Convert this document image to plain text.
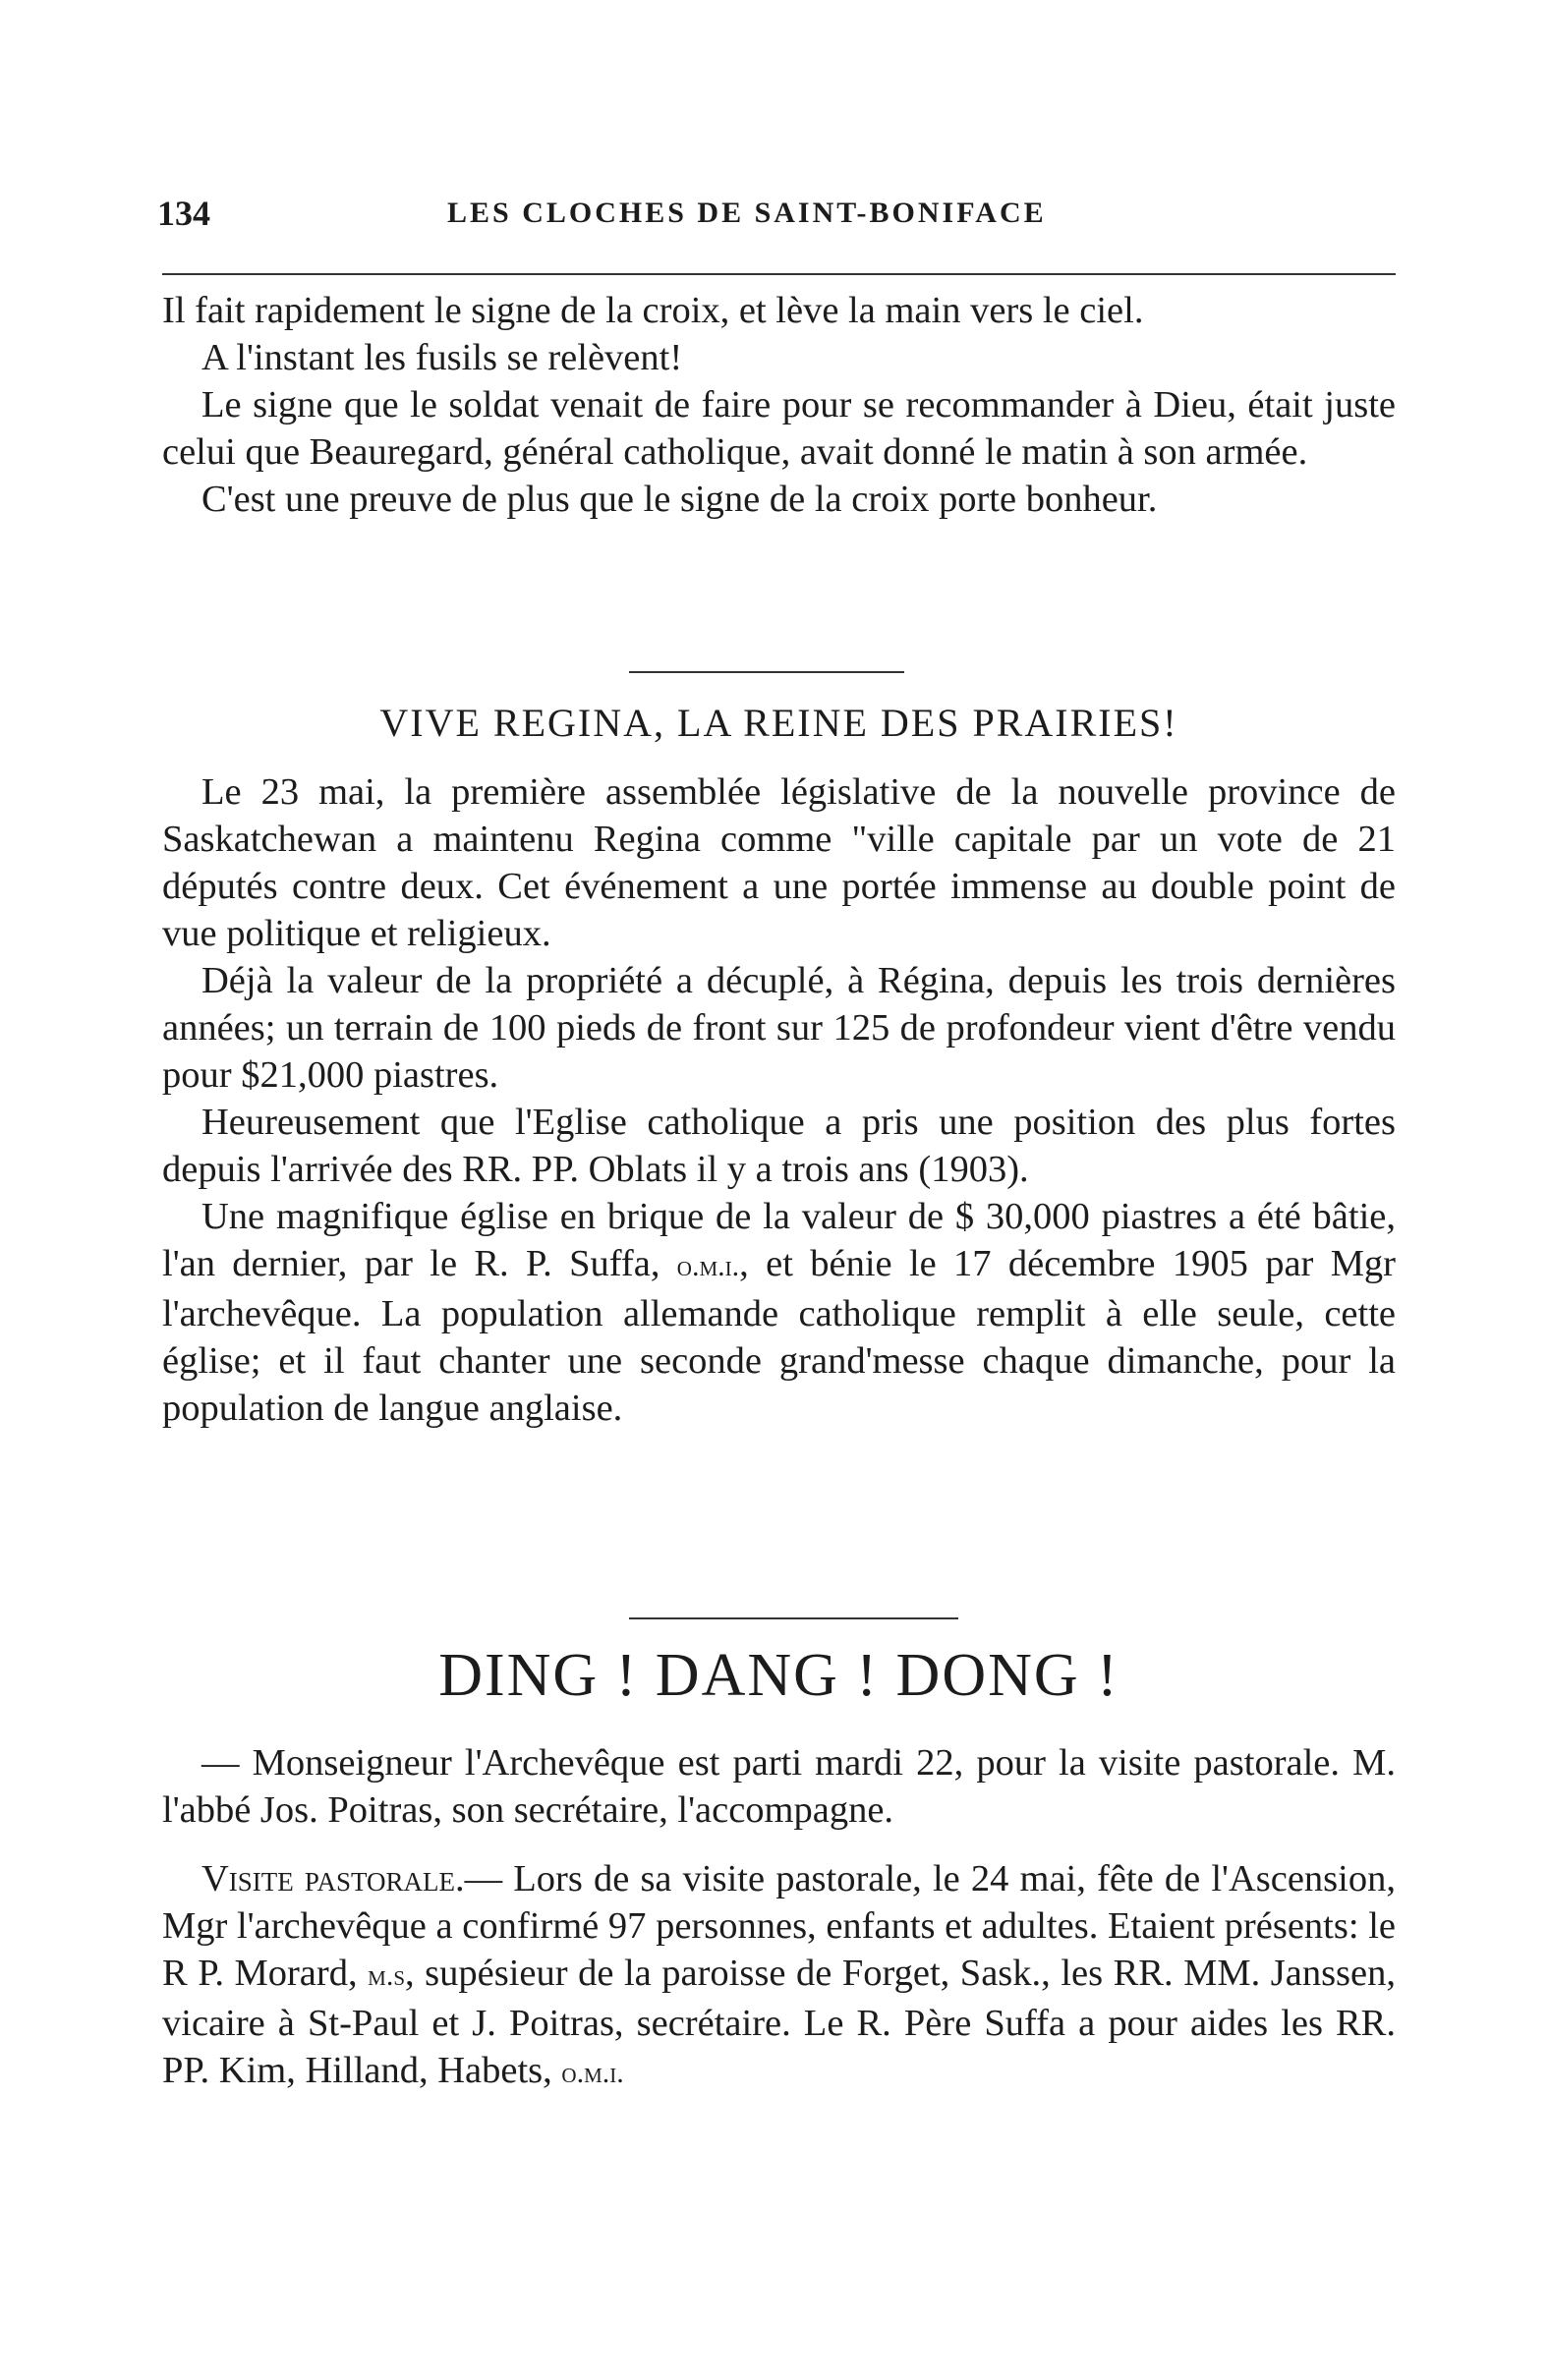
134	LES CLOCHES DE SAINT-BONIFACE

Il fait rapidement le signe de la croix, et lève la main vers le ciel.

A l'instant les fusils se relèvent!

Le signe que le soldat venait de faire pour se recommander à Dieu, était juste celui que Beauregard, général catholique, avait donné le matin à son armée.

C'est une preuve de plus que le signe de la croix porte bonheur.

VIVE REGINA, LA REINE DES PRAIRIES!

Le 23 mai, la première assemblée législative de la nouvelle province de Saskatchewan a maintenu Regina comme "ville capitale par un vote de 21 députés contre deux. Cet événement a une portée immense au double point de vue politique et religieux.

Déjà la valeur de la propriété a décuplé, à Régina, depuis les trois dernières années; un terrain de 100 pieds de front sur 125 de profondeur vient d'être vendu pour $21,000 piastres.

Heureusement que l'Eglise catholique a pris une position des plus fortes depuis l'arrivée des RR. PP. Oblats il y a trois ans (1903).

Une magnifique église en brique de la valeur de $ 30,000 piastres a été bâtie, l'an dernier, par le R. P. Suffa, o.m.i., et bénie le 17 décembre 1905 par Mgr l'archevêque. La population allemande catholique remplit à elle seule, cette église; et il faut chanter une seconde grand'messe chaque dimanche, pour la population de langue anglaise.

DING ! DANG ! DONG !

— Monseigneur l'Archevêque est parti mardi 22, pour la visite pastorale. M. l'abbé Jos. Poitras, son secrétaire, l'accompagne.

Visite pastorale.— Lors de sa visite pastorale, le 24 mai, fête de l'Ascension, Mgr l'archevêque a confirmé 97 personnes, enfants et adultes. Etaient présents: le R P. Morard, m.s, supésieur de la paroisse de Forget, Sask., les RR. MM. Janssen, vicaire à St-Paul et J. Poitras, secrétaire. Le R. Père Suffa a pour aides les RR. PP. Kim, Hilland, Habets, o.m.i.
